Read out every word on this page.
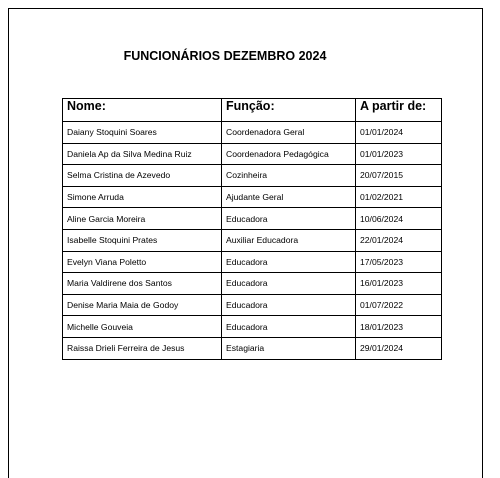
FUNCIONÁRIOS DEZEMBRO 2024
Nome:	Função:	A partir de:
Daiany Stoquini Soares	Coordenadora Geral	01/01/2024
Daniela Ap da Silva Medina Ruiz	Coordenadora Pedagógica	01/01/2023
Selma Cristina de Azevedo	Cozinheira	20/07/2015
Simone Arruda	Ajudante Geral	01/02/2021
Aline Garcia Moreira	Educadora	10/06/2024
Isabelle Stoquini Prates	Auxiliar Educadora	22/01/2024
Evelyn Viana Poletto	Educadora	17/05/2023
Maria Valdirene dos Santos	Educadora	16/01/2023
Denise Maria Maia de Godoy	Educadora	01/07/2022
Michelle Gouveia	Educadora	18/01/2023
Raissa Drieli Ferreira de Jesus	Estagiaria	29/01/2024
